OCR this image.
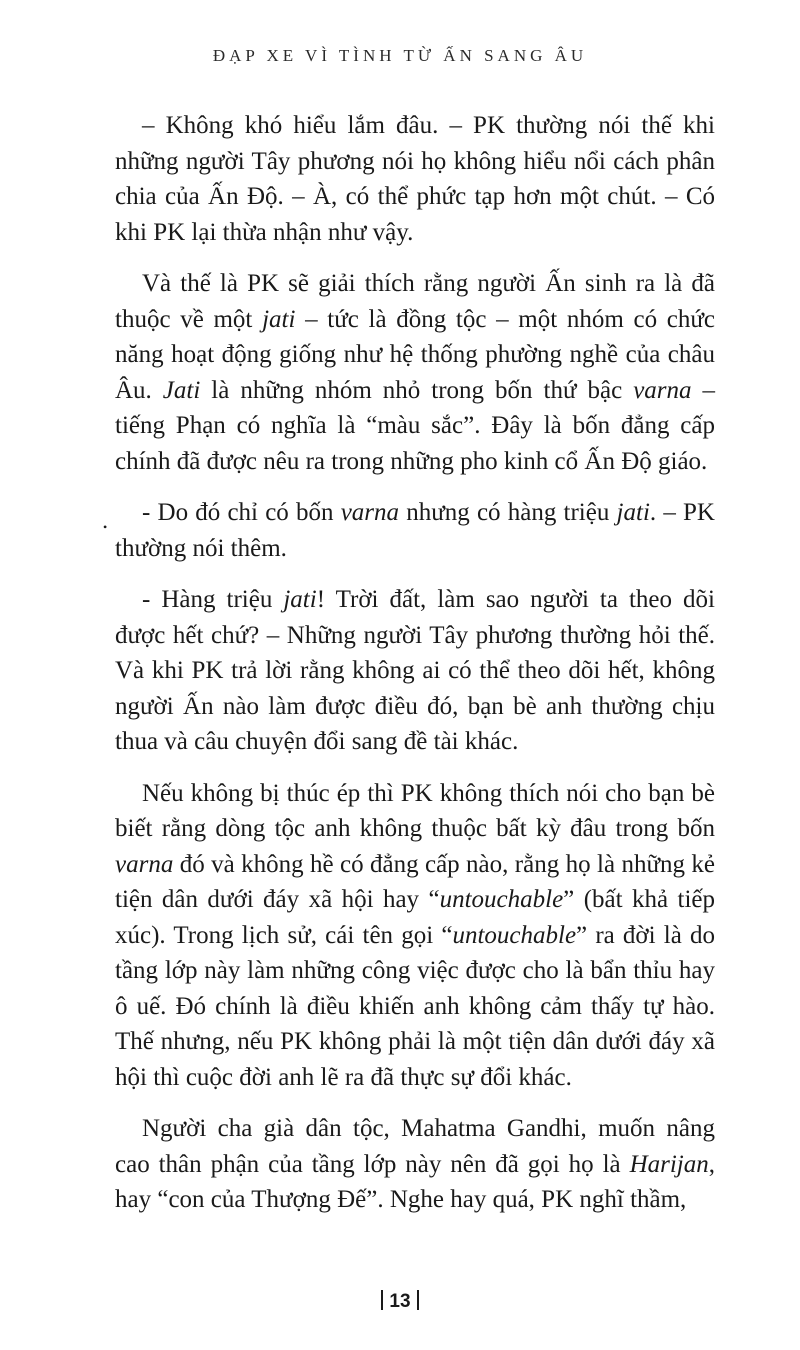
ĐẠP XE VÌ TÌNH TỪ ẤN SANG ÂU
•

– Không khó hiểu lắm đâu. – PK thường nói thế khi những người Tây phương nói họ không hiểu nổi cách phân chia của Ấn Độ. – À, có thể phức tạp hơn một chút. – Có khi PK lại thừa nhận như vậy.

Và thế là PK sẽ giải thích rằng người Ấn sinh ra là đã thuộc về một jati – tức là đồng tộc – một nhóm có chức năng hoạt động giống như hệ thống phường nghề của châu Âu. Jati là những nhóm nhỏ trong bốn thứ bậc varna – tiếng Phạn có nghĩa là “màu sắc”. Đây là bốn đẳng cấp chính đã được nêu ra trong những pho kinh cổ Ấn Độ giáo.

- Do đó chỉ có bốn varna nhưng có hàng triệu jati. – PK thường nói thêm.

- Hàng triệu jati! Trời đất, làm sao người ta theo dõi được hết chứ? – Những người Tây phương thường hỏi thế. Và khi PK trả lời rằng không ai có thể theo dõi hết, không người Ấn nào làm được điều đó, bạn bè anh thường chịu thua và câu chuyện đổi sang đề tài khác.

Nếu không bị thúc ép thì PK không thích nói cho bạn bè biết rằng dòng tộc anh không thuộc bất kỳ đâu trong bốn varna đó và không hề có đẳng cấp nào, rằng họ là những kẻ tiện dân dưới đáy xã hội hay “untouchable” (bất khả tiếp xúc). Trong lịch sử, cái tên gọi “untouchable” ra đời là do tầng lớp này làm những công việc được cho là bẩn thỉu hay ô uế. Đó chính là điều khiến anh không cảm thấy tự hào. Thế nhưng, nếu PK không phải là một tiện dân dưới đáy xã hội thì cuộc đời anh lẽ ra đã thực sự đổi khác.

Người cha già dân tộc, Mahatma Gandhi, muốn nâng cao thân phận của tầng lớp này nên đã gọi họ là Harijan, hay “con của Thượng Đế”. Nghe hay quá, PK nghĩ thầm,

13
